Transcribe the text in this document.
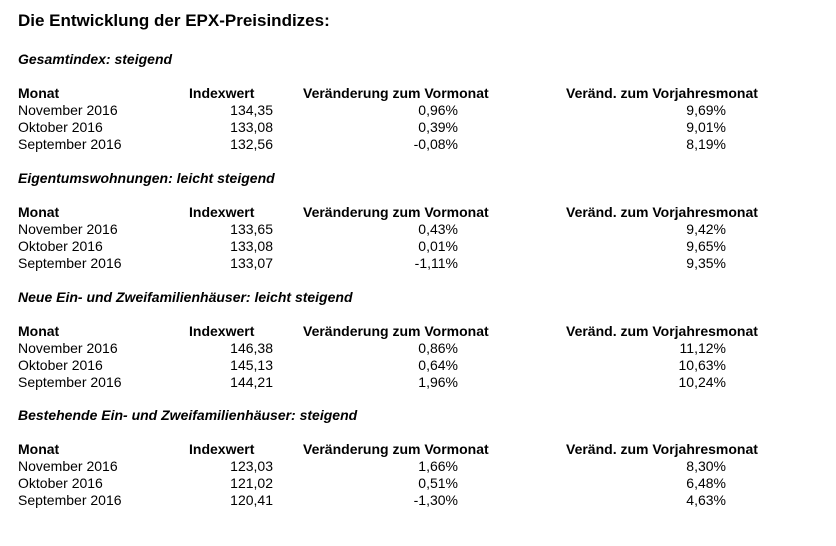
Die Entwicklung der EPX-Preisindizes:
Gesamtindex: steigend
Monat	Indexwert	Veränderung zum Vormonat	Veränd. zum Vorjahresmonat
November 2016	134,35	0,96%	9,69%
Oktober 2016	133,08	0,39%	9,01%
September 2016	132,56	-0,08%	8,19%
Eigentumswohnungen: leicht steigend
Monat	Indexwert	Veränderung zum Vormonat	Veränd. zum Vorjahresmonat
November 2016	133,65	0,43%	9,42%
Oktober 2016	133,08	0,01%	9,65%
September 2016	133,07	-1,11%	9,35%
Neue Ein- und Zweifamilienhäuser: leicht steigend
Monat	Indexwert	Veränderung zum Vormonat	Veränd. zum Vorjahresmonat
November 2016	146,38	0,86%	11,12%
Oktober 2016	145,13	0,64%	10,63%
September 2016	144,21	1,96%	10,24%
Bestehende Ein- und Zweifamilienhäuser: steigend
Monat	Indexwert	Veränderung zum Vormonat	Veränd. zum Vorjahresmonat
November 2016	123,03	1,66%	8,30%
Oktober 2016	121,02	0,51%	6,48%
September 2016	120,41	-1,30%	4,63%
